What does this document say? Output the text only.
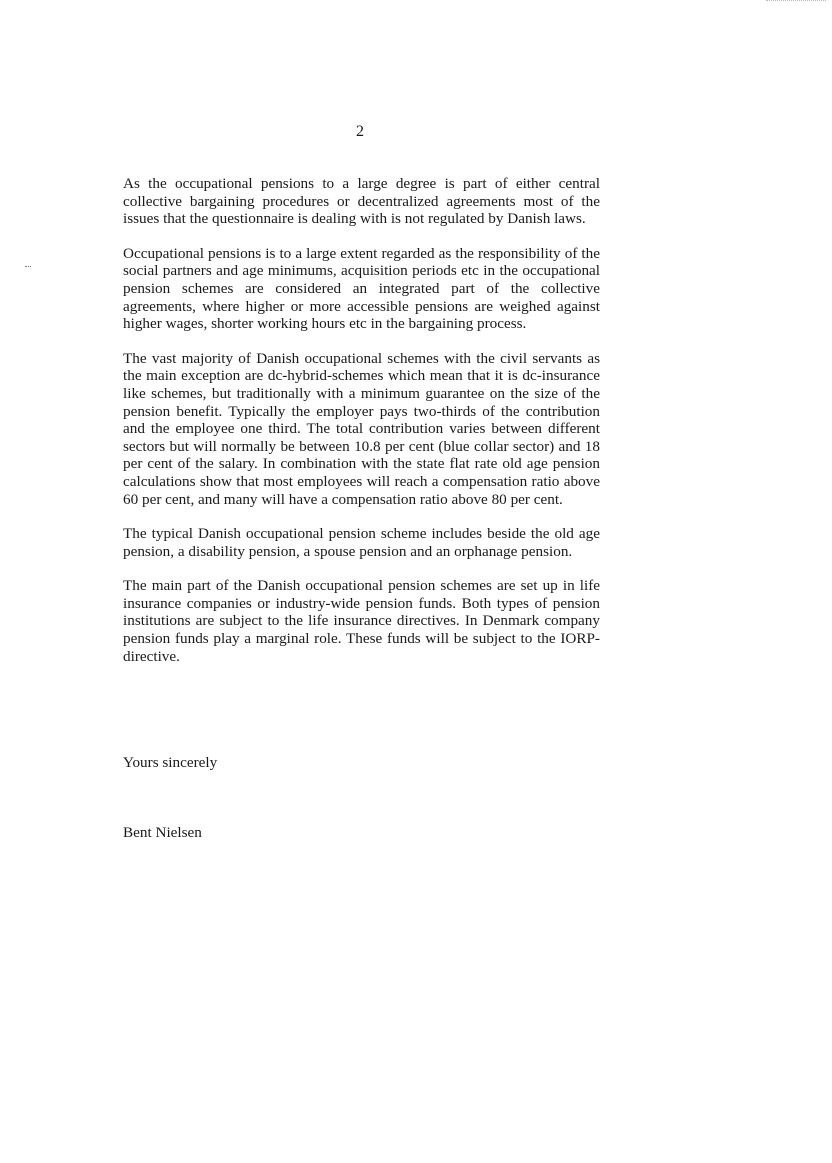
2

As the occupational pensions to a large degree is part of either central collective bargaining procedures or decentralized agreements most of the issues that the questionnaire is dealing with is not regulated by Danish laws.

Occupational pensions is to a large extent regarded as the responsibility of the social partners and age minimums, acquisition periods etc in the occupational pension schemes are considered an integrated part of the collective agreements, where higher or more accessible pensions are weighed against higher wages, shorter working hours etc in the bargaining process.

The vast majority of Danish occupational schemes with the civil servants as the main exception are dc-hybrid-schemes which mean that it is dc-insurance like schemes, but traditionally with a minimum guarantee on the size of the pension benefit. Typically the employer pays two-thirds of the contribution and the employee one third. The total contribution varies between different sectors but will normally be between 10.8 per cent (blue collar sector) and 18 per cent of the salary. In combination with the state flat rate old age pension calculations show that most employees will reach a compensation ratio above 60 per cent, and many will have a compensation ratio above 80 per cent.

The typical Danish occupational pension scheme includes beside the old age pension, a disability pension, a spouse pension and an orphanage pension.

The main part of the Danish occupational pension schemes are set up in life insurance companies or industry-wide pension funds. Both types of pension institutions are subject to the life insurance directives. In Denmark company pension funds play a marginal role. These funds will be subject to the IORP-directive.

Yours sincerely
Bent Nielsen
